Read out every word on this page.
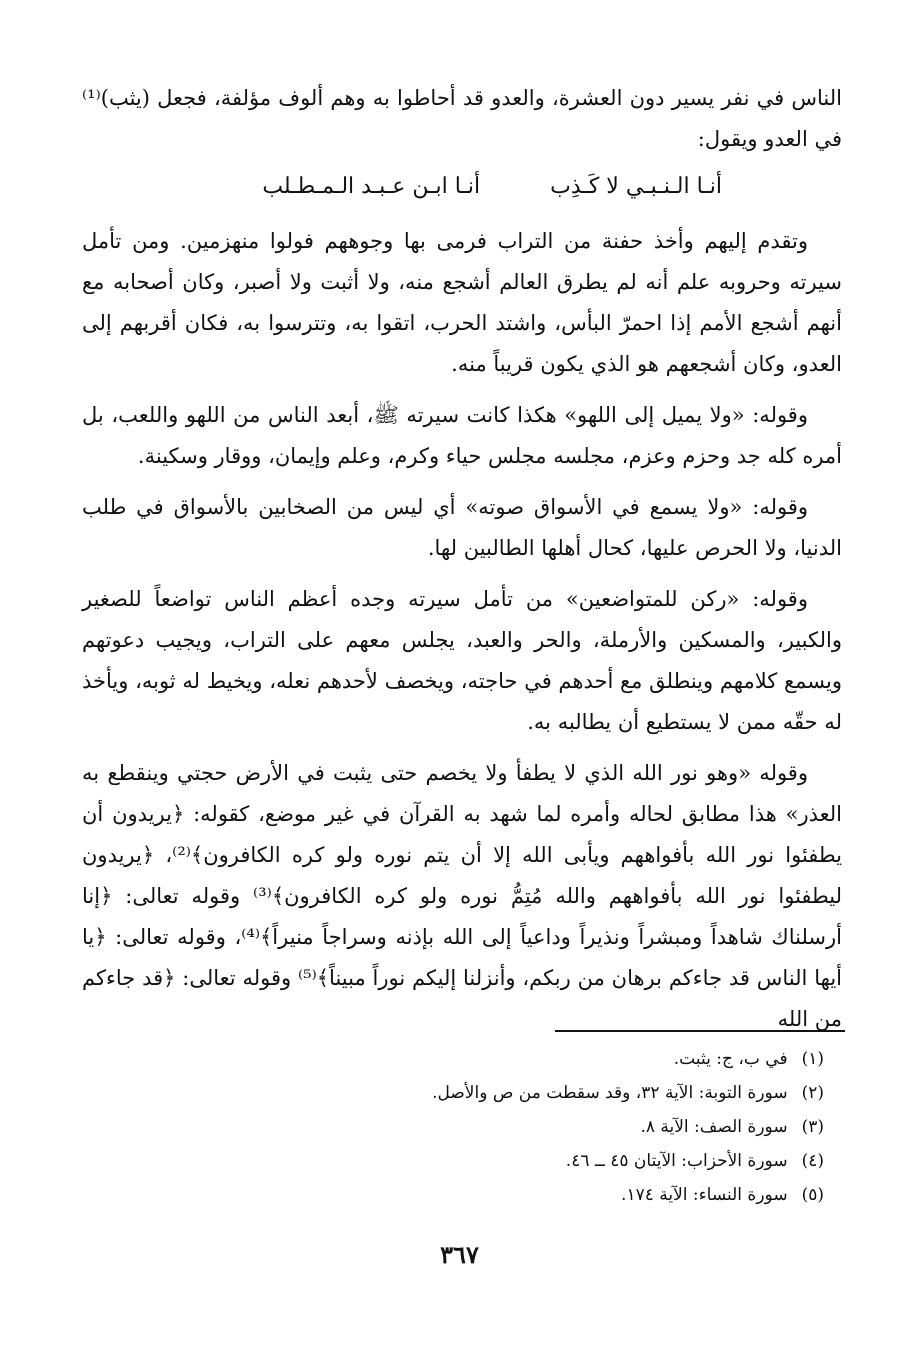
الناس في نفر يسير دون العشرة، والعدو قد أحاطوا به وهم ألوف مؤلفة، فجعل (يثب)⁽¹⁾ في العدو ويقول:

أنـا الـنـبـي لا كَـذِب
أنـا ابـن عـبـد الـمـطـلب

وتقدم إليهم وأخذ حفنة من التراب فرمى بها وجوههم فولوا منهزمين. ومن تأمل سيرته وحروبه علم أنه لم يطرق العالم أشجع منه، ولا أثبت ولا أصبر، وكان أصحابه مع أنهم أشجع الأمم إذا احمرّ البأس، واشتد الحرب، اتقوا به، وتترسوا به، فكان أقربهم إلى العدو، وكان أشجعهم هو الذي يكون قريباً منه.

وقوله: «ولا يميل إلى اللهو» هكذا كانت سيرته ﷺ، أبعد الناس من اللهو واللعب، بل أمره كله جد وحزم وعزم، مجلسه مجلس حياء وكرم، وعلم وإيمان، ووقار وسكينة.

وقوله: «ولا يسمع في الأسواق صوته» أي ليس من الصخابين بالأسواق في طلب الدنيا، ولا الحرص عليها، كحال أهلها الطالبين لها.

وقوله: «ركن للمتواضعين» من تأمل سيرته وجده أعظم الناس تواضعاً للصغير والكبير، والمسكين والأرملة، والحر والعبد، يجلس معهم على التراب، ويجيب دعوتهم ويسمع كلامهم وينطلق مع أحدهم في حاجته، ويخصف لأحدهم نعله، ويخيط له ثوبه، ويأخذ له حقّه ممن لا يستطيع أن يطالبه به.

وقوله «وهو نور الله الذي لا يطفأ ولا يخصم حتى يثبت في الأرض حجتي وينقطع به العذر» هذا مطابق لحاله وأمره لما شهد به القرآن في غير موضع، كقوله: ﴿يريدون أن يطفئوا نور الله بأفواههم ويأبى الله إلا أن يتم نوره ولو كره الكافرون﴾⁽²⁾، ﴿يريدون ليطفئوا نور الله بأفواههم والله مُتِمُّ نوره ولو كره الكافرون﴾⁽³⁾ وقوله تعالى: ﴿إنا أرسلناك شاهداً ومبشراً ونذيراً وداعياً إلى الله بإذنه وسراجاً منيراً﴾⁽⁴⁾، وقوله تعالى: ﴿يا أيها الناس قد جاءكم برهان من ربكم، وأنزلنا إليكم نوراً مبيناً﴾⁽⁵⁾ وقوله تعالى: ﴿قد جاءكم من الله

(١)
في ب، ج: يثبت.
(٢)
سورة التوبة: الآية ٣٢، وقد سقطت من ص والأصل.
(٣)
سورة الصف: الآية ٨.
(٤)
سورة الأحزاب: الآيتان ٤٥ ــ ٤٦.
(٥)
سورة النساء: الآية ١٧٤.
٣٦٧
